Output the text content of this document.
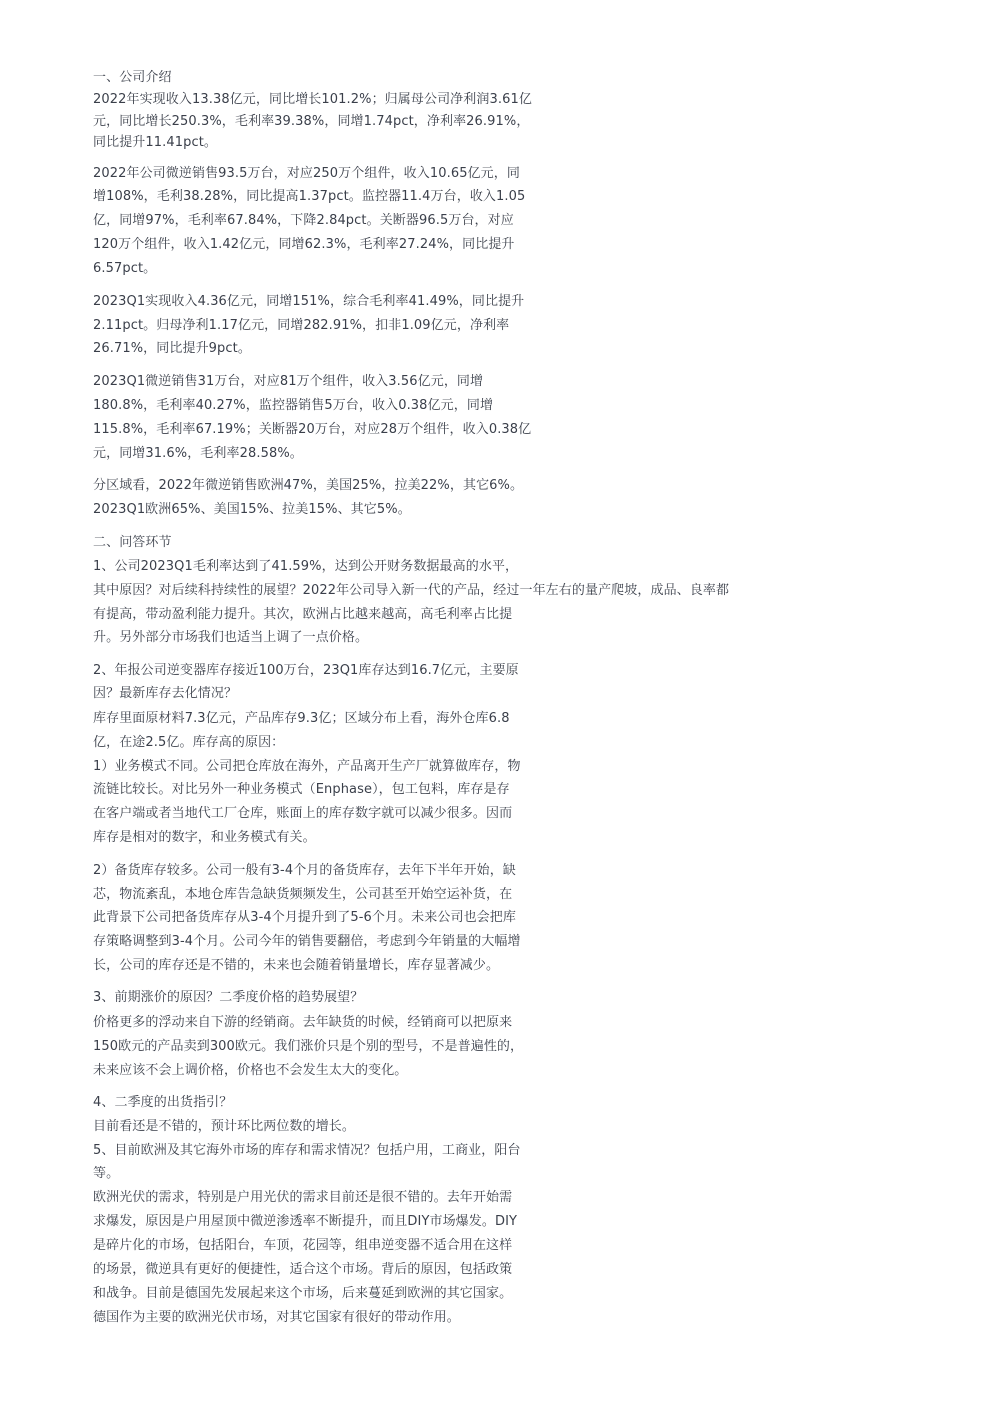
一、公司介绍
2022年实现收入13.38亿元，同比增长101.2%；归属母公司净利润3.61亿
元，同比增长250.3%，毛利率39.38%，同增1.74pct，净利率26.91%，
同比提升11.41pct。
2022年公司微逆销售93.5万台，对应250万个组件，收入10.65亿元，同
增108%，毛利38.28%，同比提高1.37pct。监控器11.4万台，收入1.05
亿，同增97%，毛利率67.84%，下降2.84pct。关断器96.5万台，对应
120万个组件，收入1.42亿元，同增62.3%，毛利率27.24%，同比提升
6.57pct。
2023Q1实现收入4.36亿元，同增151%，综合毛利率41.49%，同比提升
2.11pct。归母净利1.17亿元，同增282.91%，扣非1.09亿元，净利率
26.71%，同比提升9pct。
2023Q1微逆销售31万台，对应81万个组件，收入3.56亿元，同增
180.8%，毛利率40.27%，监控器销售5万台，收入0.38亿元，同增
115.8%，毛利率67.19%；关断器20万台，对应28万个组件，收入0.38亿
元，同增31.6%，毛利率28.58%。
分区域看，2022年微逆销售欧洲47%，美国25%，拉美22%，其它6%。
2023Q1欧洲65%、美国15%、拉美15%、其它5%。
二、问答环节
1、公司2023Q1毛利率达到了41.59%，达到公开财务数据最高的水平，
其中原因？对后续科持续性的展望？2022年公司导入新一代的产品，经过一年左右的量产爬坡，成品、良率都
有提高，带动盈利能力提升。其次，欧洲占比越来越高，高毛利率占比提
升。另外部分市场我们也适当上调了一点价格。
2、年报公司逆变器库存接近100万台，23Q1库存达到16.7亿元，主要原
因？最新库存去化情况？
库存里面原材料7.3亿元，产品库存9.3亿；区域分布上看，海外仓库6.8
亿，在途2.5亿。库存高的原因：
1）业务模式不同。公司把仓库放在海外，产品离开生产厂就算做库存，物
流链比较长。对比另外一种业务模式（Enphase），包工包料，库存是存
在客户端或者当地代工厂仓库，账面上的库存数字就可以减少很多。因而
库存是相对的数字，和业务模式有关。
2）备货库存较多。公司一般有3-4个月的备货库存，去年下半年开始，缺
芯，物流紊乱，本地仓库告急缺货频频发生，公司甚至开始空运补货，在
此背景下公司把备货库存从3-4个月提升到了5-6个月。未来公司也会把库
存策略调整到3-4个月。公司今年的销售要翻倍，考虑到今年销量的大幅增
长，公司的库存还是不错的，未来也会随着销量增长，库存显著减少。
3、前期涨价的原因？二季度价格的趋势展望？
价格更多的浮动来自下游的经销商。去年缺货的时候，经销商可以把原来
150欧元的产品卖到300欧元。我们涨价只是个别的型号，不是普遍性的，
未来应该不会上调价格，价格也不会发生太大的变化。
4、二季度的出货指引？
目前看还是不错的，预计环比两位数的增长。
5、目前欧洲及其它海外市场的库存和需求情况？包括户用，工商业，阳台
等。
欧洲光伏的需求，特别是户用光伏的需求目前还是很不错的。去年开始需
求爆发，原因是户用屋顶中微逆渗透率不断提升，而且DIY市场爆发。DIY
是碎片化的市场，包括阳台，车顶，花园等，组串逆变器不适合用在这样
的场景，微逆具有更好的便捷性，适合这个市场。背后的原因，包括政策
和战争。目前是德国先发展起来这个市场，后来蔓延到欧洲的其它国家。
德国作为主要的欧洲光伏市场，对其它国家有很好的带动作用。
